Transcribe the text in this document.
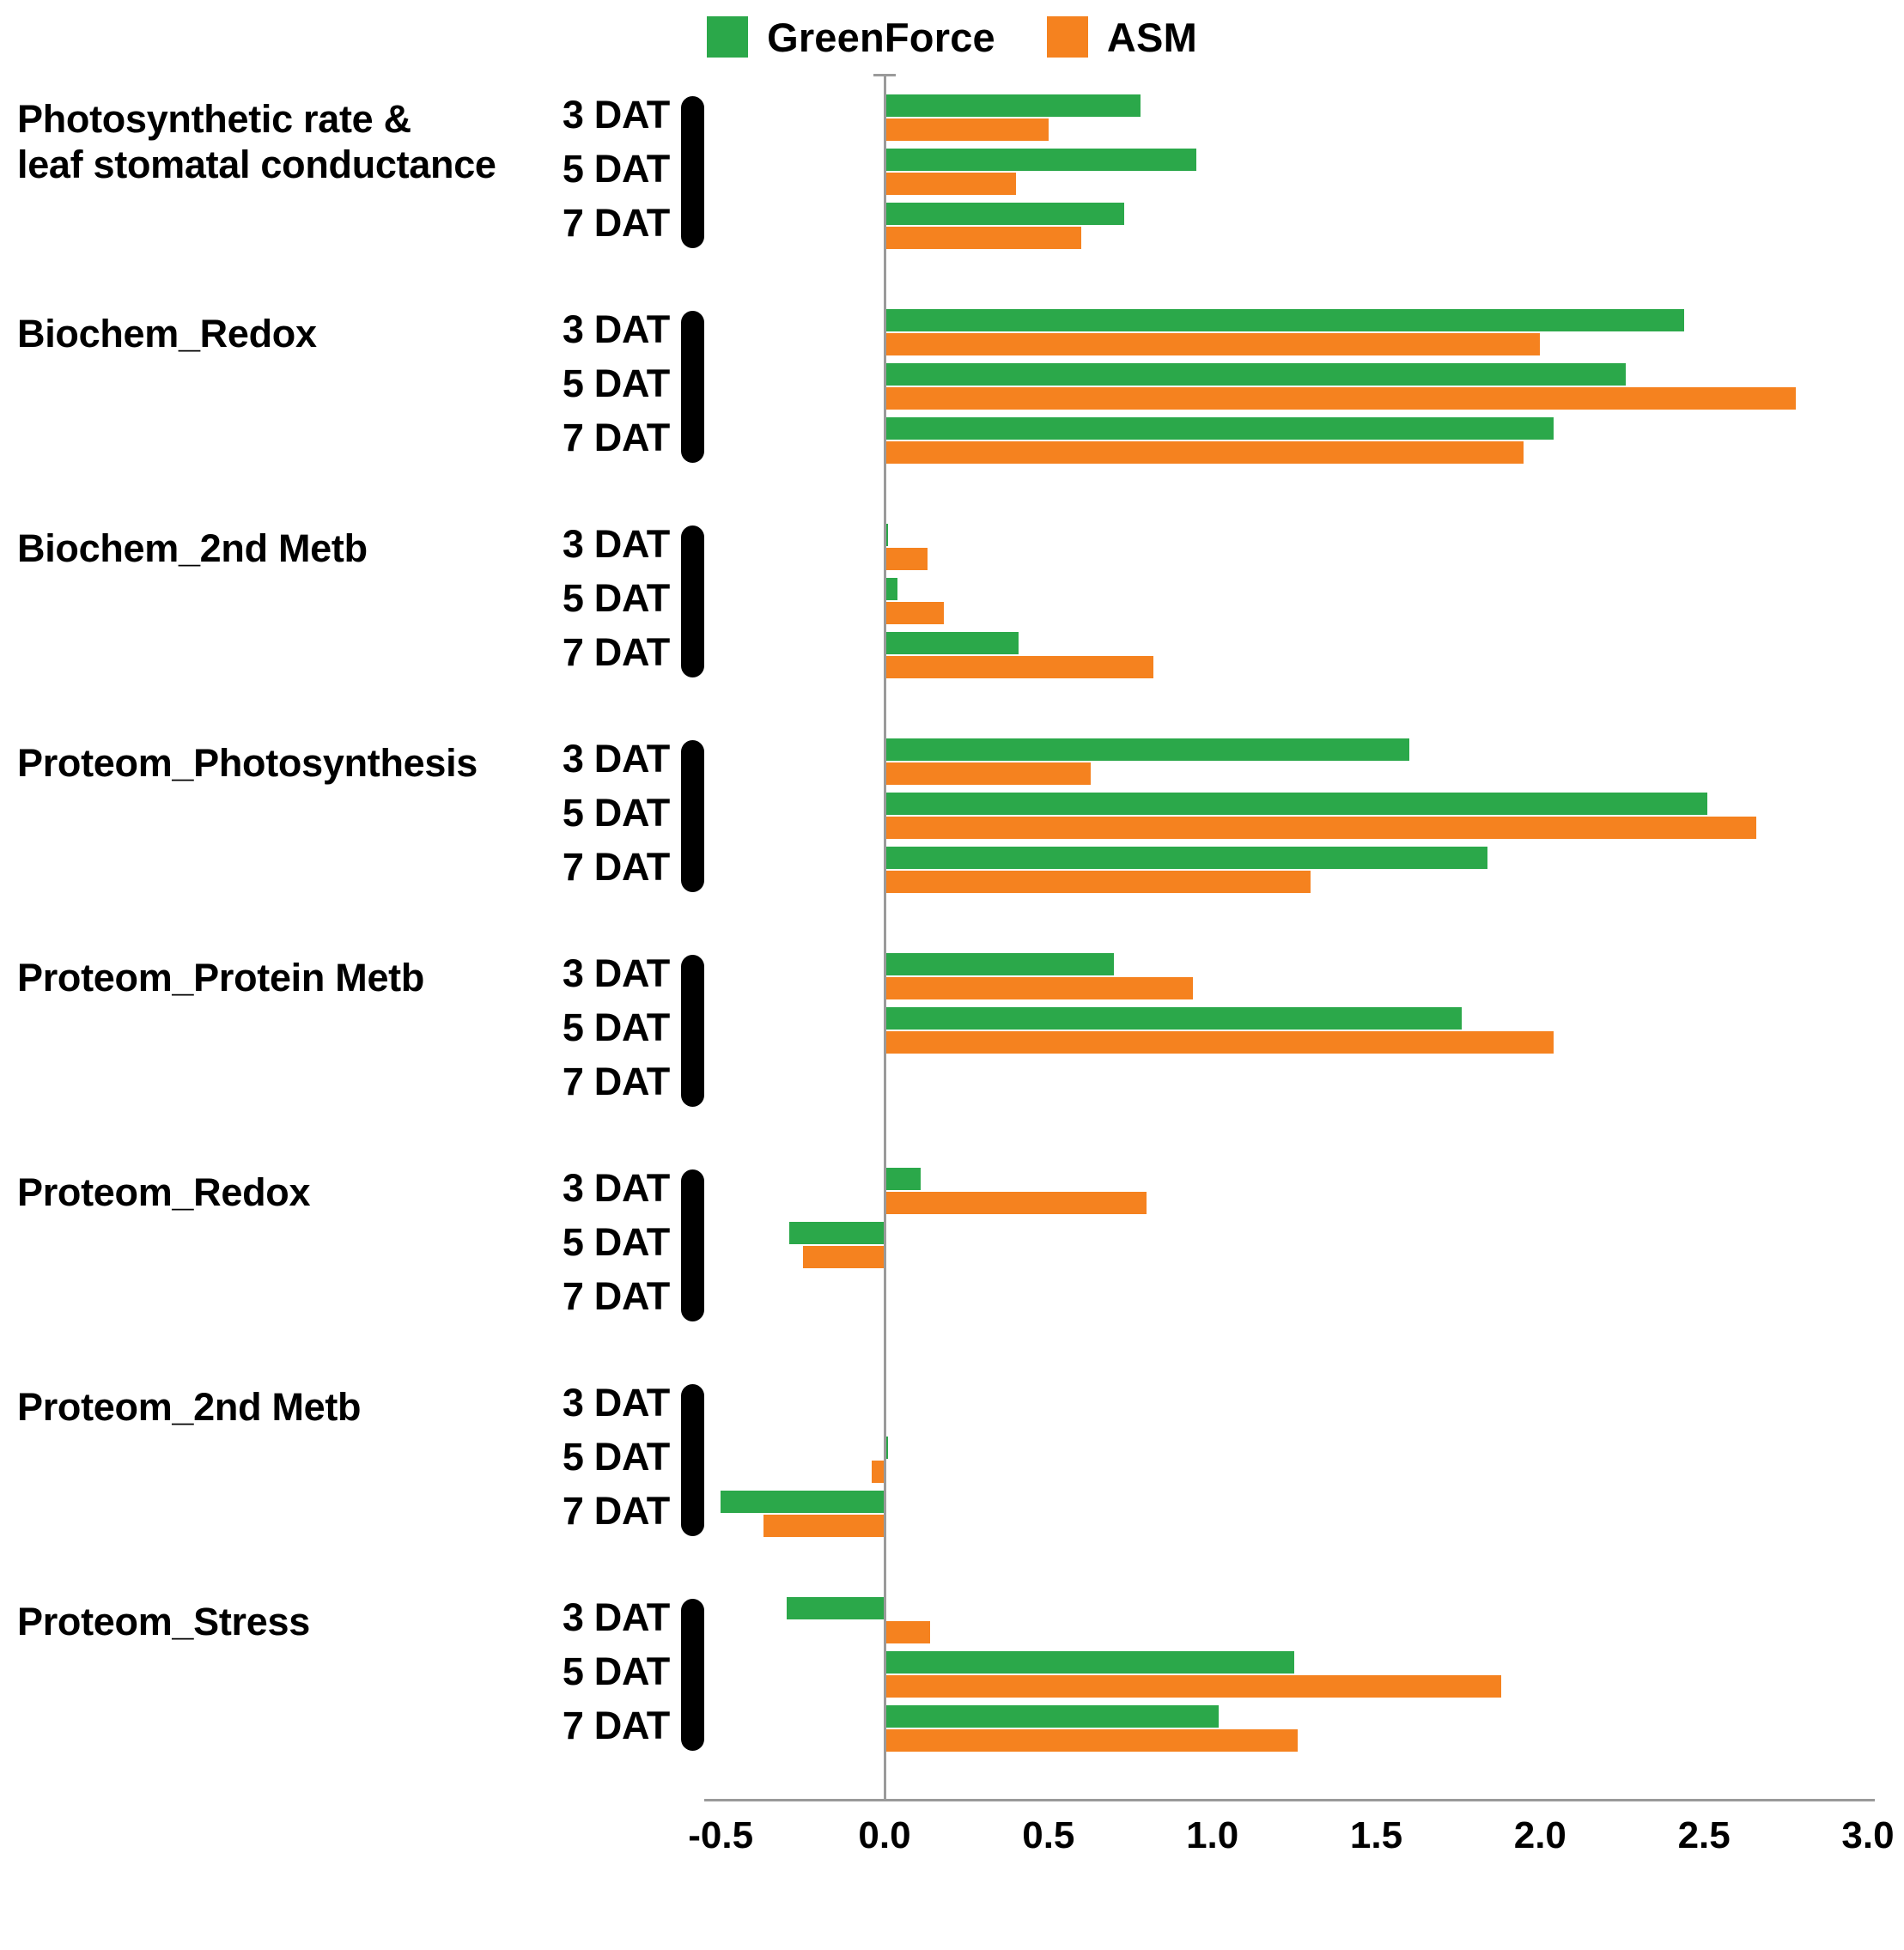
GreenForce	ASM
Photosynthetic rate &
leaf stomatal conductance
3 DAT
5 DAT
7 DAT
Biochem_Redox	3 DAT
5 DAT
7 DAT
Biochem_2nd Metb	3 DAT
5 DAT
7 DAT
Proteom_Photosynthesis	3 DAT
5 DAT
7 DAT
Proteom_Protein Metb	3 DAT
5 DAT
7 DAT
Proteom_Redox	3 DAT
5 DAT
7 DAT
Proteom_2nd Metb	3 DAT
5 DAT
7 DAT
Proteom_Stress	3 DAT
5 DAT
7 DAT
-0.5	0.0	0.5	1.0	1.5	2.0	2.5	3.0
